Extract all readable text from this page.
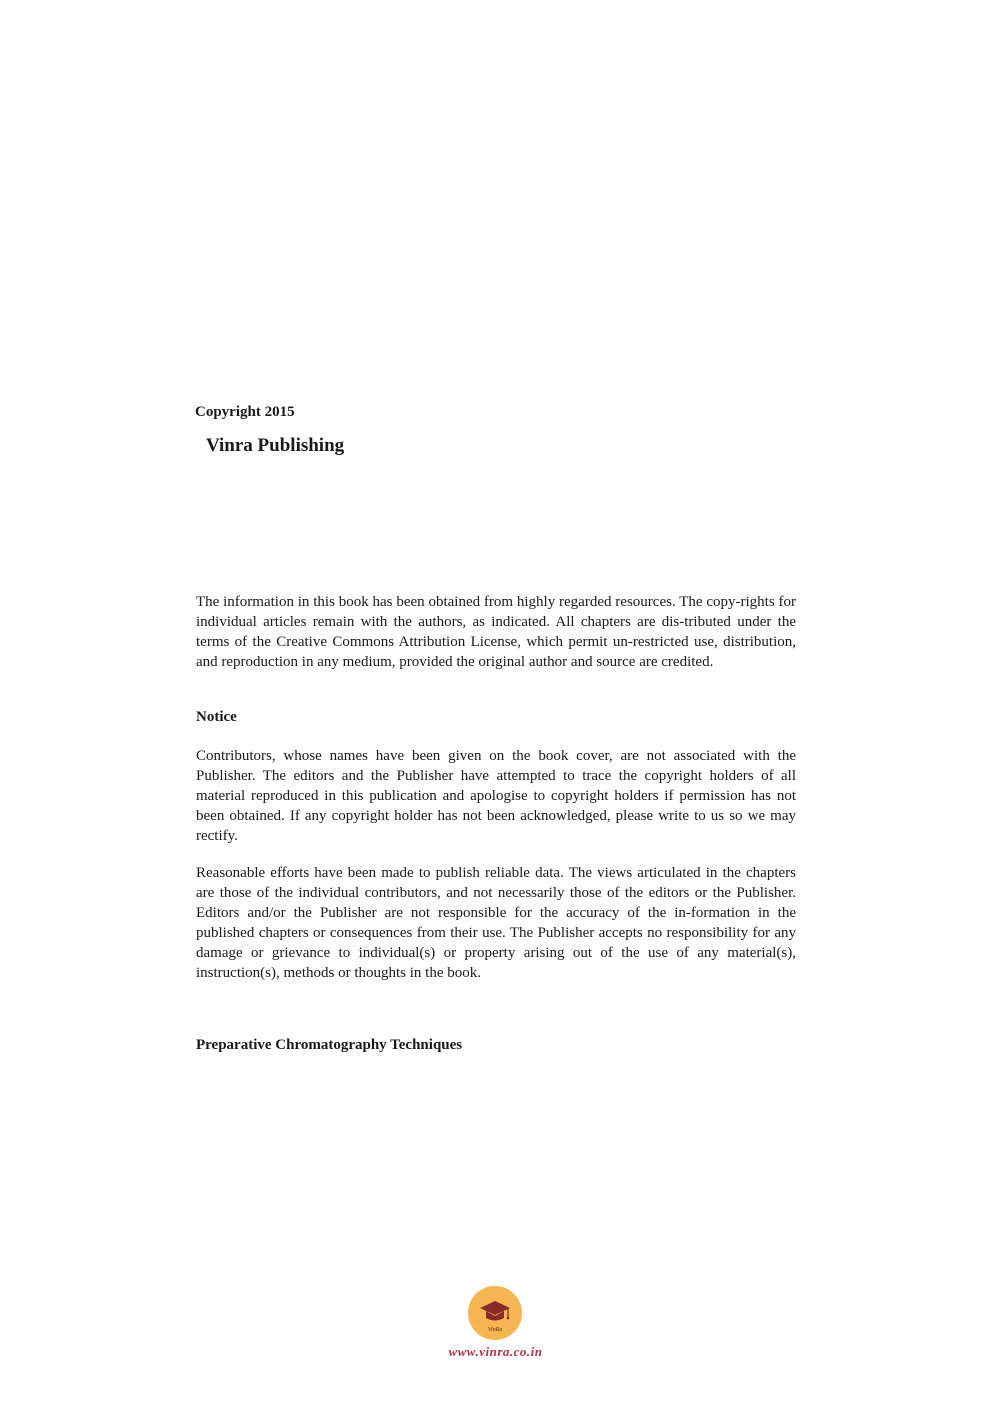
Copyright 2015
Vinra Publishing

The information in this book has been obtained from highly regarded resources. The copy-rights for individual articles remain with the authors, as indicated. All chapters are dis-tributed under the terms of the Creative Commons Attribution License, which permit un-restricted use, distribution, and reproduction in any medium, provided the original author and source are credited.

Notice

Contributors, whose names have been given on the book cover, are not associated with the Publisher. The editors and the Publisher have attempted to trace the copyright holders of all material reproduced in this publication and apologise to copyright holders if permission has not been obtained. If any copyright holder has not been acknowledged, please write to us so we may rectify.

Reasonable efforts have been made to publish reliable data. The views articulated in the chapters are those of the individual contributors, and not necessarily those of the editors or the Publisher. Editors and/or the Publisher are not responsible for the accuracy of the in-formation in the published chapters or consequences from their use. The Publisher accepts no responsibility for any damage or grievance to individual(s) or property arising out of the use of any material(s), instruction(s), methods or thoughts in the book.

Preparative Chromatography Techniques
VinRa
www.vinra.co.in
